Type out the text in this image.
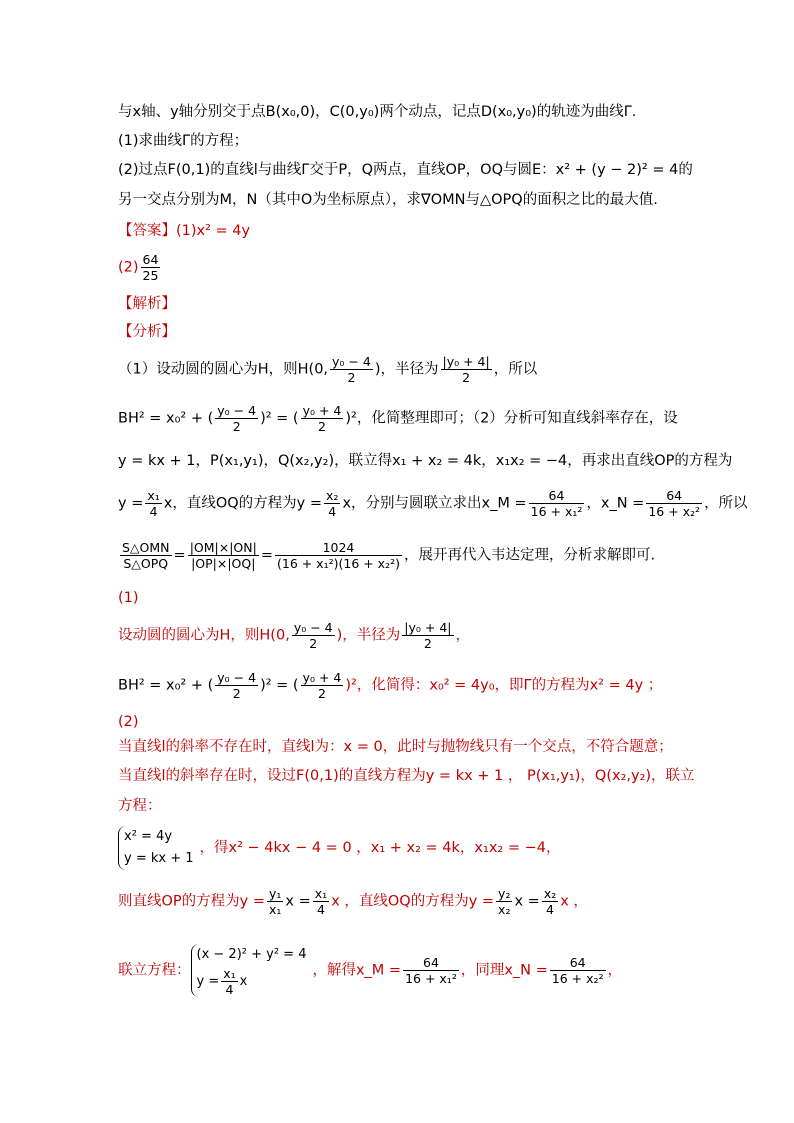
与x轴、y轴分别交于点B(x₀,0)，C(0,y₀)两个动点，记点D(x₀,y₀)的轨迹为曲线Γ.
(1)求曲线Γ的方程；
(2)过点F(0,1)的直线l与曲线Γ交于P，Q两点，直线OP，OQ与圆E：x² + (y − 2)² = 4的
另一交点分别为M，N（其中O为坐标原点），求∇OMN与△OPQ的面积之比的最大值.
【答案】(1)x² = 4y
$(2) \frac{64}{25}$
【解析】
【分析】
（1）设动圆的圆心为H，则H(0, $\frac{\text{y₀ − 4}}{2}$ )，半径为 $\frac{\text{|y₀ + 4|}}{2}$ ，所以
BH² = x₀² + ( $\frac{\text{y₀ − 4}}{2} )^2$ = ( $\frac{\text{y₀ + 4}}{2} )^2$，化简整理即可；（2）分析可知直线斜率存在，设
y = kx + 1，P(x₁,y₁)，Q(x₂,y₂)，联立得x₁ + x₂ = 4k，x₁x₂ = −4，再求出直线OP的方程为
$y = \frac{\text{x₁}}{4}$ x，直线OQ的方程为$y = \frac{\text{x₂}}{4}$ x，分别与圆联立求出x_M = $\frac{64}{\text{16 + x₁²}}$ ，x_N = $\frac{64}{\text{16 + x₂²}}$ ，所以
$\frac{\text{S△OMN}}{\text{S△OPQ}} = \frac{|OM|\times|ON|}{|OP|\times|OQ|} = \frac{1024}{\text{(16 + x₁²)(16 + x₂²)}}$ ，展开再代入韦达定理，分析求解即可.
(1)
设动圆的圆心为H，则H(0, $\frac{\text{y₀ − 4}}{2}$ )，半径为 $\frac{\text{|y₀ + 4|}}{2}$ ，
BH² = x₀² + ( $\frac{\text{y₀ − 4}}{2} )^2$ = ( $\frac{\text{y₀ + 4}}{2} )^2$，化简得：x₀² = 4y₀，即Γ的方程为x² = 4y ；
(2)
当直线l的斜率不存在时，直线l为：x = 0，此时与抛物线只有一个交点，不符合题意；
当直线l的斜率存在时，设过F(0,1)的直线方程为y = kx + 1 ， P(x₁,y₁)，Q(x₂,y₂)，联立
方程：
x² = 4y
y = kx + 1
，得x² − 4kx − 4 = 0 ，x₁ + x₂ = 4k，x₁x₂ = −4，
则直线OP的方程为$y = \frac{\text{y₁}}{\text{x₁}}$ $x = \frac{\text{x₁}}{4}$ x ，直线OQ的方程为$y = \frac{\text{y₂}}{\text{x₂}}$ $x = \frac{\text{x₂}}{4}$ x ，
联立方程：
(x − 2)² + y² = 4
$y = \frac{\text{x₁}}{4}$ x
，解得x_M = $\frac{64}{\text{16 + x₁²}}$ ，同理x_N = $\frac{64}{\text{16 + x₂²}}$ ，
